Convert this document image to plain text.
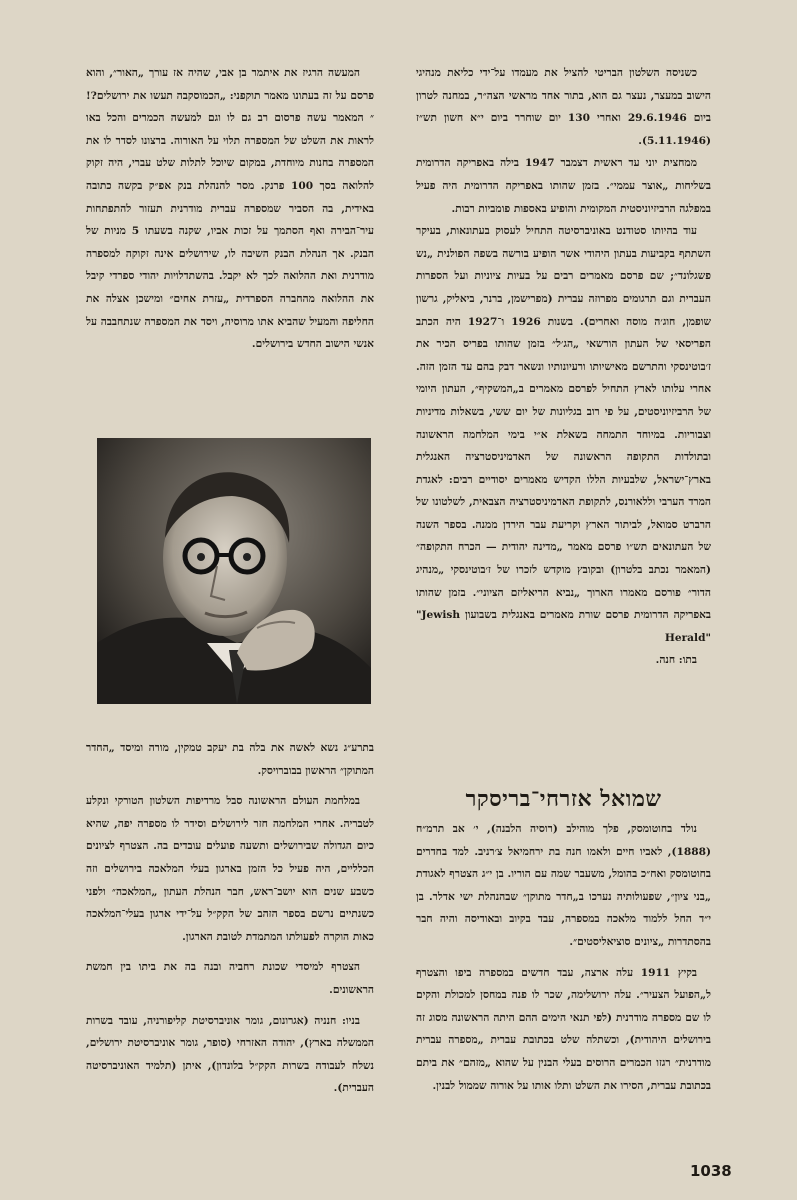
המעשה הרגיז את איתמר בן אבי, שהיה אז עורך „האור״, והוא פרסם על זה בעתונו מאמר תוקפני: „הכמוסקבה תעשו את ירושלים?!״ המאמר עשה פרסום רב גם לו וגם למעשה הכמרים והכל באו לראות את השלט של המספרה תלוי על האורוה. ברצונו לסדר לו את המספרה בחנות מיוחדת, במקום שיוכל לתלות שלט עברי, היה זקוק להלואה בסך 100 פרנק. מסר להנהלת בנק אפ״ק בקשה כתובה באידית, בה הסביר שמספרה עברית מודרנית תעזור להתפתחות עיר־הבירה ואף הסתמך על זכות אביו, שקנה בשעתו 5 מניות של הבנק. אך הנהלת הבנק השיבה לו, שירושלים אינה זקוקה למספרה מודרנית ואת ההלואה לכך לא יקבל. בהשתדלויות יהודי ספרדי קיבל את ההלואה מהחברה הספרדית „עזרת אחים״ ומישכן אצלה את החליפה והמעיל שהביא אתו מרוסיה, ויסד את המספרה שנתחבבה על אנשי הישוב החדש בירושלים.

בתרע״ג נשא לאשה את בלה בת יעקב טמקין, מורה ומיסד „החדר המתוקן״ הראשון בבוברויסק.

במלחמת העולם הראשונה סבל מרדיפות השלטון הטורקי ונקלע לטבריה. אחרי המלחמה חזר לירושלים וסידר לו מספרה יפה, שהיא כיום הגדולה שבירושלים ותשעה פועלים עובדים בה. הצטרף לציונים הכלליים, היה פעיל כל הזמן בארגון בעלי המלאכה בירושלים וזה כשבע שנים הוא יושב־ראש, חבר הנהלת העתון „המלאכה״ ולפני כשנתיים נרשם בספר הזהב של הקק״ל על־ידי ארגון בעלי־המלאכה כאות הוקרה לפעולתו המתמדת לטובת הארגון.

הצטרף למיסדי שכונת רחביה ובנה בה את ביתו בין חמשת הראשונים.

בניו: חנניה (אגרונום, גומר אוניברסיטת קליפורניה, עובד בשרות הממשלה בארץ), יהודה האזרחי (סופר, גומר אוניברסיטת ירושלים, נשלח לעבודה בשרות הקק״ל בלונדון), איתן (תלמיד האוניברסיטה העברית).

כשניסה השלטון הבריטי להציל את מעמדו על־ידי כליאת מנהיגי הישוב במעצר, נעצר גם הוא, בתור אחד מראשי הצה״ר, במחנה לטרון ביום 29.6.1946 ואחרי 130 יום שוחרר ביום י״א חשון תש״ז (5.11.1946).

ממחצית יוני עד ראשית דצמבר 1947 בילה באפריקה הדרומית בשליחות „אוצר עממי״. בזמן שהותו באפריקה הדרומית היה פעיל במפלגה הרביזיוניסטית המקומית והופיע באספות פומביות רבות.

עוד בהיותו סטודנט באוניברסיטה התחיל לעסוק בעתונאות, בעיקר השתתף בקביעות בעתון היהודי אשר הופיע בורשה בשפה הפולנית „נש פשגלונד״; שם פרסם מאמרים רבים על בעיות ציוניות ועל הספרות העברית וגם תרגומים מפרוזה עברית (מפרישמן, ברנר, ביאליק, גרשון שופמן, חוג׳ה מוסה ואחרים). בשנות 1926 ו־1927 היה הכתב הפריסאי של העתון הורשאי „הג׳ל״ בזמן שהותו בפריס הכיר את ז׳בוטינסקי והתרשם מאישיותו ורעיונותיו ונשאר דבק בהם עד הזמן הזה. אחרי עלותו לארץ התחיל לפרסם מאמרים ב„המשקיף״, העתון היומי של הרביזיוניסטים, על פי רוב בגליונות של יום ששי, בשאלות מדיניות וצבוריות. במיוחד התמחה בשאלת א״י בימי המלחמה הראשונה ובתולדות התקופה הראשונה של האדמיניסטרציה האנגלית בארץ־ישראל, שלבעיות הללו הקדיש מאמרים יסודיים רבים: לאגדת המרד הערבי וללאורנס, לתקופת האדמיניסטרציה הצבאית, לשלטונו של הרברט סמואל, לביתור הארץ וקריעת עבר הירדן ממנה. בספר השנה של העתונאים תש״ו פרסם מאמר „מדינה יהודית — הכרח התקופה״ (המאמר נכתב בלטרון) ובקובץ מוקדש לזכרו של ז׳בוטינסקי „מנהיג הדור״ פורסם מאמרו הארוך „נביא הריאליזם הציוני״. בזמן שהותו באפריקה הדרומית פרסם שורת מאמרים באנגלית בשבועון "Jewish Herald"

בתו: חנה.

שמואל אזרחי־בריסקר

נולד בחוטומסק, פלך מוהילב (רוסיה הלבנה), י׳ אב תרמ״ח (1888), לאביו חיים ולאמו חנה בת ירחמיאל צ׳רניב. למד בחדרים בחוטומסק ואח״כ בהומל, משעבר שמה עם הוריו. בן י״ג הצטרף לאגודת „בני ציון״, שפעולותיה נערכו ב„חדר מתוקן״ שבהנהלת ישי אדלר. בן י״ד החל ללמוד מלאכה במספרה, עבד בקיוב ובאודיסה והיה חבר בהסתדרות „ציונים סוציאליסטים״.

בקיץ 1911 עלה ארצה, עבד חדשים במספרה ביפו והצטרף ל„הפועל הצעיר״. עלה ירושלימה, שכר לו פנה במחסן למכולת והקים לו שם מספרה מודרנית (לפי תנאי הימים ההם היתה הראשונה מסוג זה בירושלים היהודית), וכשתלה שלט בכתובת עברית „מספרה עברית מודרנית״ רגזו הכמרים הרוסים בעלי הבנין על שהוא „מזהם״ את ביתם בכתובת עברית, הסירו את השלט ותלו אותו על אורוה שממול לבנין.

1038
